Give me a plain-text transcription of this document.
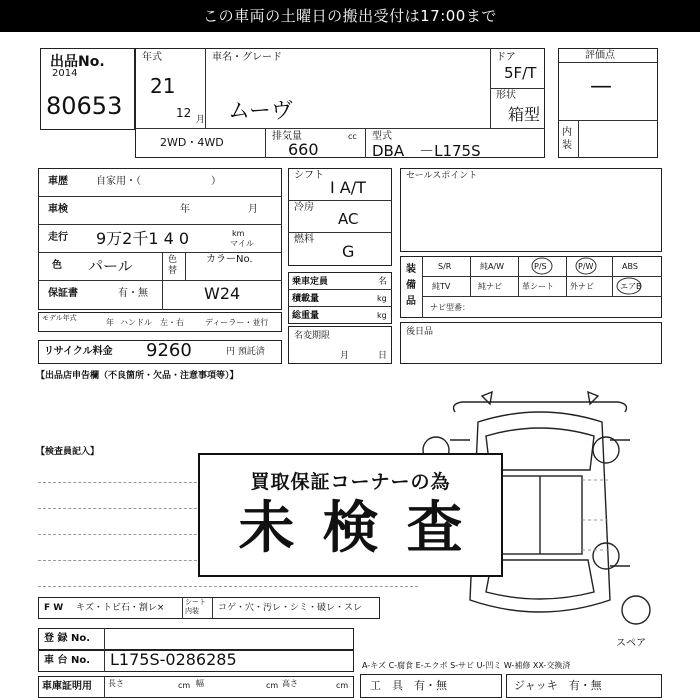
この車両の土曜日の搬出受付は17:00まで
出品No.
2014
80653
年式
21
12 月
車名・グレード
ムーヴ
ドア
5F/T
形状
箱型
2WD・4WD	排気量	cc
660
型式
DBA　－L175S
評価点
—
内装
車歴	自家用・（　　　　　　　）
車検	年	月
走行 9万2千1 4 0	km
マイル
色 パール	色替
カラーNo.
W24
保証書	有・無
モデル年式	年 ハンドル　左・右	ディーラー・並行
リサイクル料金 9260	円 預託済
シフト
I A/T
冷房
AC
燃料
G
乗車定員	名
積載量	kg
総重量	kg
名変期限
月	日
セールスポイント
装備品
S/R	純A/W	P/S	P/W	ABS
純TV	純ナビ	革シート 外ナビ	エアB
ナビ型番：
後日品
【出品店申告欄（不良箇所・欠品・注意事項等）】
【検査員記入】
スペア
買取保証コーナーの為
未検査
F W キズ・トビ石・割レ×
シート内装	コゲ・穴・汚レ・シミ・破レ・スレ
登 録 No.
車 台 No. L175S-0286285
車庫証明用 長さ	cm 幅	cm 高さ	cm
A-キズ C-腐食 E-エクボ S-サビ U-凹ミ W-補修 XX-交換済
工　具　有・無	ジャッキ　有・無
